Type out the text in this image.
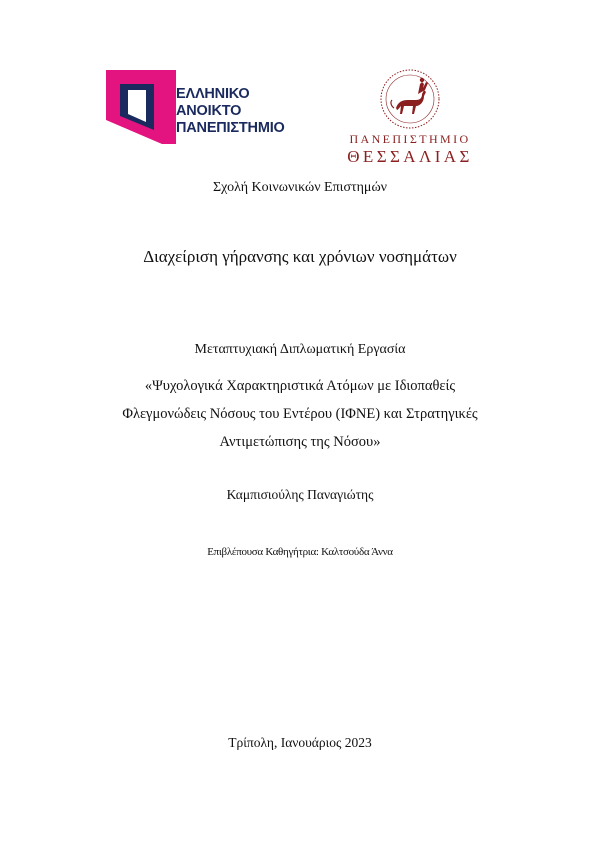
ΕΛΛΗΝΙΚΟ
ΑΝΟΙΚΤΟ
ΠΑΝΕΠΙΣΤΗΜΙΟ
ΠΑΝΕΠΙΣΤΗΜΙΟ
ΘΕΣΣΑΛΙΑΣ
Σχολή Κοινωνικών Επιστημών
Διαχείριση γήρανσης και χρόνιων νοσημάτων
Μεταπτυχιακή Διπλωματική Εργασία
«Ψυχολογικά Χαρακτηριστικά Ατόμων με Ιδιοπαθείς
Φλεγμονώδεις Νόσους του Εντέρου (ΙΦΝΕ) και Στρατηγικές
Αντιμετώπισης της Νόσου»
Καμπισιούλης Παναγιώτης
Επιβλέπουσα Καθηγήτρια: Καλτσούδα Άννα
Τρίπολη, Ιανουάριος 2023
